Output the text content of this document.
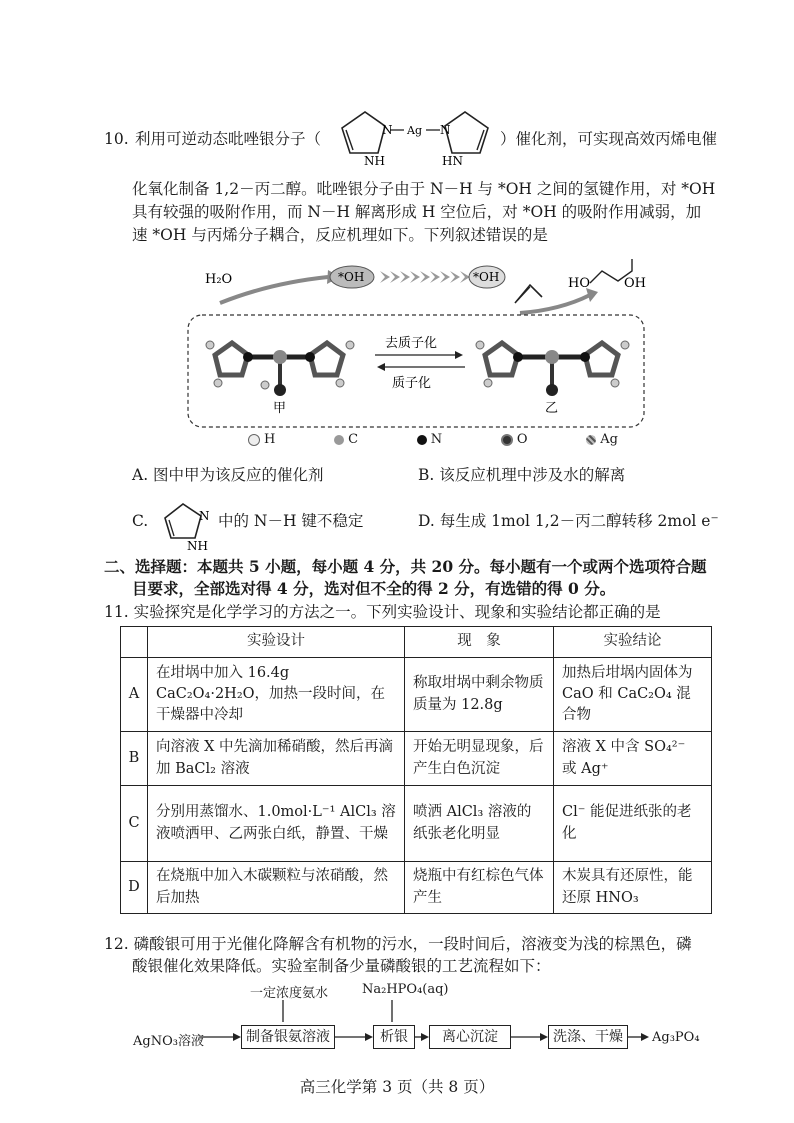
10. 利用可逆动态吡唑银分子（	N Ag N
NH	HN
）催化剂，可实现高效丙烯电催
化氧化制备 1,2－丙二醇。吡唑银分子由于 N－H 与 *OH 之间的氢键作用，对 *OH
具有较强的吸附作用，而 N－H 解离形成 H 空位后，对 *OH 的吸附作用减弱，加
速 *OH 与丙烯分子耦合，反应机理如下。下列叙述错误的是
H₂O	*OH	*OH	HO	OH
甲
去质子化
质子化
乙
H	C	N	O	Ag
A. 图中甲为该反应的催化剂	B. 该反应机理中涉及水的解离
C.	N
NH
中的 N－H 键不稳定	D. 每生成 1mol 1,2－丙二醇转移 2mol e⁻
二、选择题：本题共 5 小题，每小题 4 分，共 20 分。每小题有一个或两个选项符合题
目要求，全部选对得 4 分，选对但不全的得 2 分，有选错的得 0 分。
11. 实验探究是化学学习的方法之一。下列实验设计、现象和实验结论都正确的是
	实验设计	现　象	实验结论
A	在坩埚中加入 16.4g CaC₂O₄·2H₂O，加热一段时间，在干燥器中冷却	称取坩埚中剩余物质质量为 12.8g	加热后坩埚内固体为 CaO 和 CaC₂O₄ 混合物
B	向溶液 X 中先滴加稀硝酸，然后再滴加 BaCl₂ 溶液	开始无明显现象，后产生白色沉淀	溶液 X 中含 SO₄²⁻ 或 Ag⁺
C	分别用蒸馏水、1.0mol·L⁻¹ AlCl₃ 溶液喷洒甲、乙两张白纸，静置、干燥	喷洒 AlCl₃ 溶液的纸张老化明显	Cl⁻ 能促进纸张的老化
D	在烧瓶中加入木碳颗粒与浓硝酸，然后加热	烧瓶中有红棕色气体产生	木炭具有还原性，能还原 HNO₃
12. 磷酸银可用于光催化降解含有机物的污水，一段时间后，溶液变为浅的棕黑色，磷
酸银催化效果降低。实验室制备少量磷酸银的工艺流程如下：
一定浓度氨水	Na₂HPO₄(aq)
AgNO₃溶液	制备银氨溶液	析银	离心沉淀	洗涤、干燥	Ag₃PO₄
高三化学第 3 页（共 8 页）
